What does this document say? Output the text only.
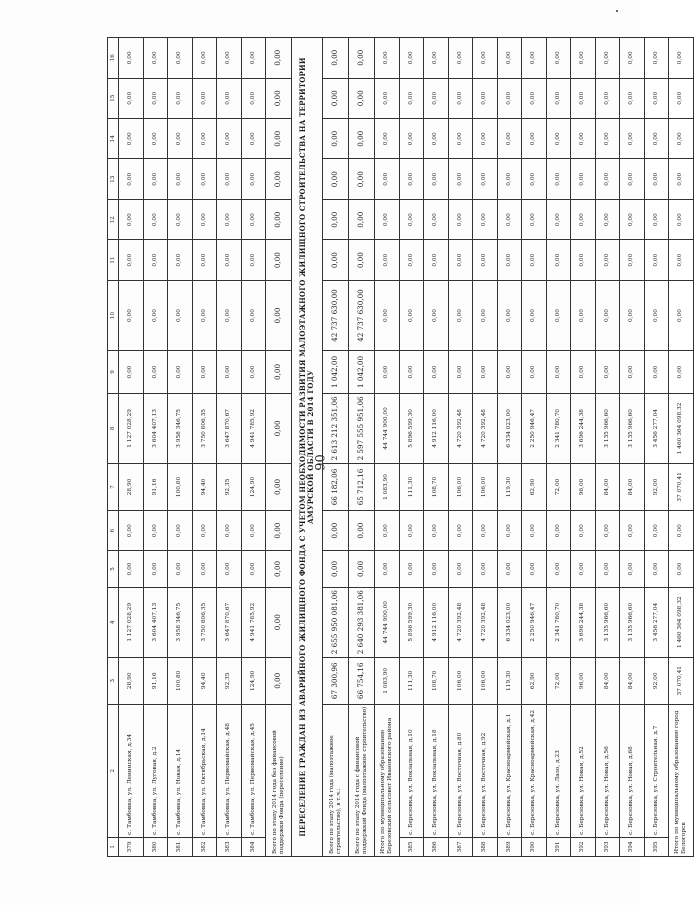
90
1	2	3	4	5	6	7	8	9	10	11	12	13	14	15	16
379	с. Тамбовка, ул. Ленинская, д.34	28,90	1 127 028,29	0,00	0,00	28,90	1 127 028,29	0,00	0,00	0,00	0,00	0,00	0,00	0,00	0,00
380	с. Тамбовка, ул. Луговая, д.2	91,16	3 604 407,13	0,00	0,00	91,16	3 604 407,13	0,00	0,00	0,00	0,00	0,00	0,00	0,00	0,00
381	с. Тамбовка, ул. Новая, д.14	100,80	3 958 346,75	0,00	0,00	100,80	3 958 346,75	0,00	0,00	0,00	0,00	0,00	0,00	0,00	0,00
382	с. Тамбовка, ул. Октябрьская, д.14	94,40	3 750 806,35	0,00	0,00	94,40	3 750 806,35	0,00	0,00	0,00	0,00	0,00	0,00	0,00	0,00
383	с. Тамбовка, ул. Первомайская, д.48	92,35	3 647 870,67	0,00	0,00	92,35	3 647 870,67	0,00	0,00	0,00	0,00	0,00	0,00	0,00	0,00
384	с. Тамбовка, ул. Первомайская, д.45	124,90	4 941 785,92	0,00	0,00	124,90	4 941 785,92	0,00	0,00	0,00	0,00	0,00	0,00	0,00	0,00
Всего по этапу 2014 года без финансовой поддержки Фонда (переселение)		0,00	0,00	0,00	0,00	0,00	0,00	0,00	0,00	0,00	0,00	0,00	0,00	0,00	0,00
ПЕРЕСЕЛЕНИЕ ГРАЖДАН ИЗ АВАРИЙНОГО ЖИЛИЩНОГО ФОНДА С УЧЕТОМ НЕОБХОДИМОСТИ РАЗВИТИЯ МАЛОЭТАЖНОГО ЖИЛИЩНОГО СТРОИТЕЛЬСТВА НА ТЕРРИТОРИИ АМУРСКОЙ ОБЛАСТИ В 2014 ГОДУ															
Всего по этапу 2014 года (малоэтажное строительство), в т.ч.:		67 300,96	2 655 950 081,06	0,00	0,00	66 182,06	2 613 212 351,06	1 042,00	42 737 630,00	0,00	0,00	0,00	0,00	0,00	0,00
Всего по этапу 2014 года с финансовой поддержкой Фонда (малоэтажное строительство)		66 754,16	2 640 293 381,06	0,00	0,00	65 712,16	2 597 555 951,06	1 042,00	42 737 630,00	0,00	0,00	0,00	0,00	0,00	0,00
Итого по муниципальному образованию Березовский сельсовет Ивановского района		1 083,90	44 744 900,00	0,00	0,00	1 083,90	44 744 900,00	0,00	0,00	0,00	0,00	0,00	0,00	0,00	0,00
385	с. Березовка, ул. Вокзальная, д.10	111,30	5 896 599,30	0,00	0,00	111,30	5 896 599,30	0,00	0,00	0,00	0,00	0,00	0,00	0,00	0,00
386	с. Березовка, ул. Вокзальная, д.18	108,70	4 912 116,00	0,00	0,00	108,70	4 912 116,00	0,00	0,00	0,00	0,00	0,00	0,00	0,00	0,00
387	с. Березовка, ул. Восточная, д.80	106,00	4 720 392,48	0,00	0,00	106,00	4 720 392,48	0,00	0,00	0,00	0,00	0,00	0,00	0,00	0,00
388	с. Березовка, ул. Восточная, д.92	106,00	4 720 392,48	0,00	0,00	106,00	4 720 392,48	0,00	0,00	0,00	0,00	0,00	0,00	0,00	0,00
389	с. Березовка, ул. Красноармейская, д.1	119,30	6 334 023,00	0,00	0,00	119,30	6 334 023,00	0,00	0,00	0,00	0,00	0,00	0,00	0,00	0,00
390	с. Березовка, ул. Красноармейская, д.42	62,90	2 250 946,47	0,00	0,00	62,90	2 250 946,47	0,00	0,00	0,00	0,00	0,00	0,00	0,00	0,00
391	с. Березовка, ул. Лазо, д.23	72,00	2 341 780,70	0,00	0,00	72,00	2 341 780,70	0,00	0,00	0,00	0,00	0,00	0,00	0,00	0,00
392	с. Березовка, ул. Новая, д.52	96,00	3 696 244,38	0,00	0,00	96,00	3 696 244,38	0,00	0,00	0,00	0,00	0,00	0,00	0,00	0,00
393	с. Березовка, ул. Новая, д.56	84,00	3 135 966,60	0,00	0,00	84,00	3 135 966,60	0,00	0,00	0,00	0,00	0,00	0,00	0,00	0,00
394	с. Березовка, ул. Новая, д.68	84,00	3 135 966,60	0,00	0,00	84,00	3 135 966,60	0,00	0,00	0,00	0,00	0,00	0,00	0,00	0,00
395	с. Березовка, ул. Строительная, д.7	92,00	3 456 277,04	0,00	0,00	92,00	3 456 277,04	0,00	0,00	0,00	0,00	0,00	0,00	0,00	0,00
Итого по муниципальному образованию город Белогорск		37 070,41	1 460 364 098,32	0,00	0,00	37 070,41	1 460 364 098,32	0,00	0,00	0,00	0,00	0,00	0,00	0,00	0,00
